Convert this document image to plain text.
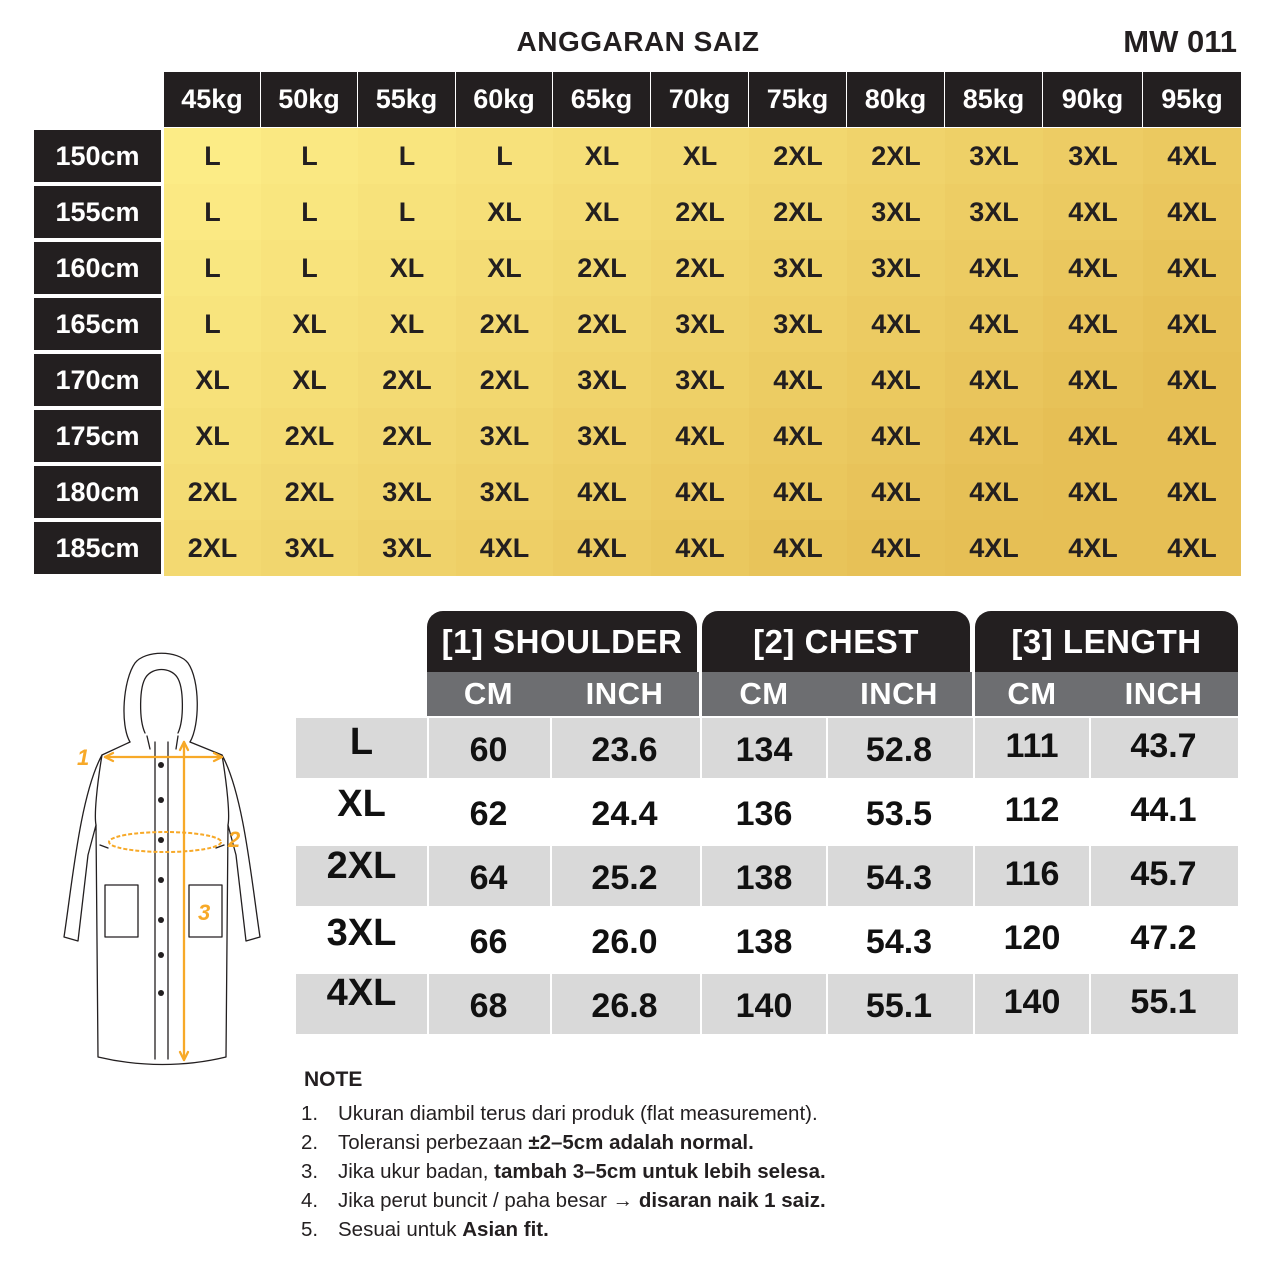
ANGGARAN SAIZ	MW 011
45kg	50kg	55kg	60kg	65kg	70kg	75kg	80kg	85kg	90kg	95kg
150cm	L	L	L	L	XL	XL	2XL	2XL	3XL	3XL	4XL
155cm	L	L	L	XL	XL	2XL	2XL	3XL	3XL	4XL	4XL
160cm	L	L	XL	XL	2XL	2XL	3XL	3XL	4XL	4XL	4XL
165cm	L	XL	XL	2XL	2XL	3XL	3XL	4XL	4XL	4XL	4XL
170cm	XL	XL	2XL	2XL	3XL	3XL	4XL	4XL	4XL	4XL	4XL
175cm	XL	2XL	2XL	3XL	3XL	4XL	4XL	4XL	4XL	4XL	4XL
180cm	2XL	2XL	3XL	3XL	4XL	4XL	4XL	4XL	4XL	4XL	4XL
185cm	2XL	3XL	3XL	4XL	4XL	4XL	4XL	4XL	4XL	4XL	4XL
1
2
3
[1] SHOULDER	[2] CHEST	[3] LENGTH
CM	INCH	CM	INCH	CM	INCH
L	60	23.6	134	52.8	111	43.7
XL	62	24.4	136	53.5	112	44.1
2XL	64	25.2	138	54.3	116	45.7
3XL	66	26.0	138	54.3	120	47.2
4XL	68	26.8	140	55.1	140	55.1
NOTE
1. Ukuran diambil terus dari produk (flat measurement).
2. Toleransi perbezaan ±2–5cm adalah normal.
3. Jika ukur badan, tambah 3–5cm untuk lebih selesa.
4. Jika perut buncit / paha besar → disaran naik 1 saiz.
5. Sesuai untuk Asian fit.
